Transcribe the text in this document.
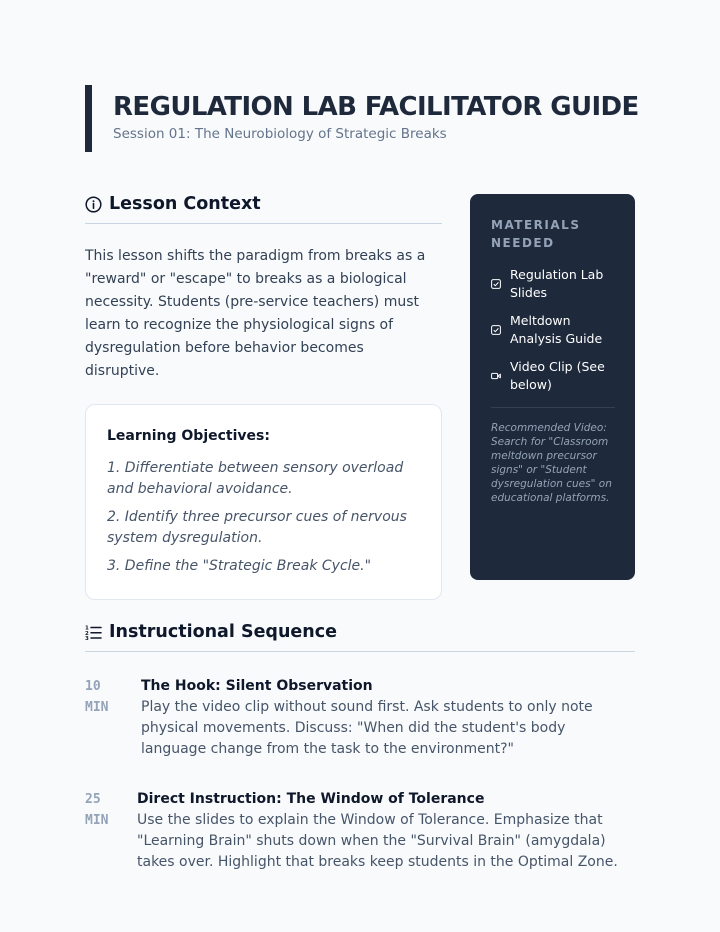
REGULATION LAB FACILITATOR GUIDE
Session 01: The Neurobiology of Strategic Breaks
Lesson Context

This lesson shifts the paradigm from breaks as a "reward" or "escape" to breaks as a biological necessity. Students (pre-service teachers) must learn to recognize the physiological signs of dysregulation before behavior becomes disruptive.

Learning Objectives:
1. Differentiate between sensory overload and behavioral avoidance.
2. Identify three precursor cues of nervous system dysregulation.
3. Define the "Strategic Break Cycle."
MATERIALS NEEDED
Regulation Lab Slides
Meltdown Analysis Guide
Video Clip (See below)

Recommended Video: Search for "Classroom meltdown precursor signs" or "Student dysregulation cues" on educational platforms.

1
2
3 Instructional Sequence
10
MIN
The Hook: Silent Observation
Play the video clip without sound first. Ask students to only note physical movements. Discuss: "When did the student's body language change from the task to the environment?"
25
MIN
Direct Instruction: The Window of Tolerance
Use the slides to explain the Window of Tolerance. Emphasize that "Learning Brain" shuts down when the "Survival Brain" (amygdala) takes over. Highlight that breaks keep students in the Optimal Zone.
